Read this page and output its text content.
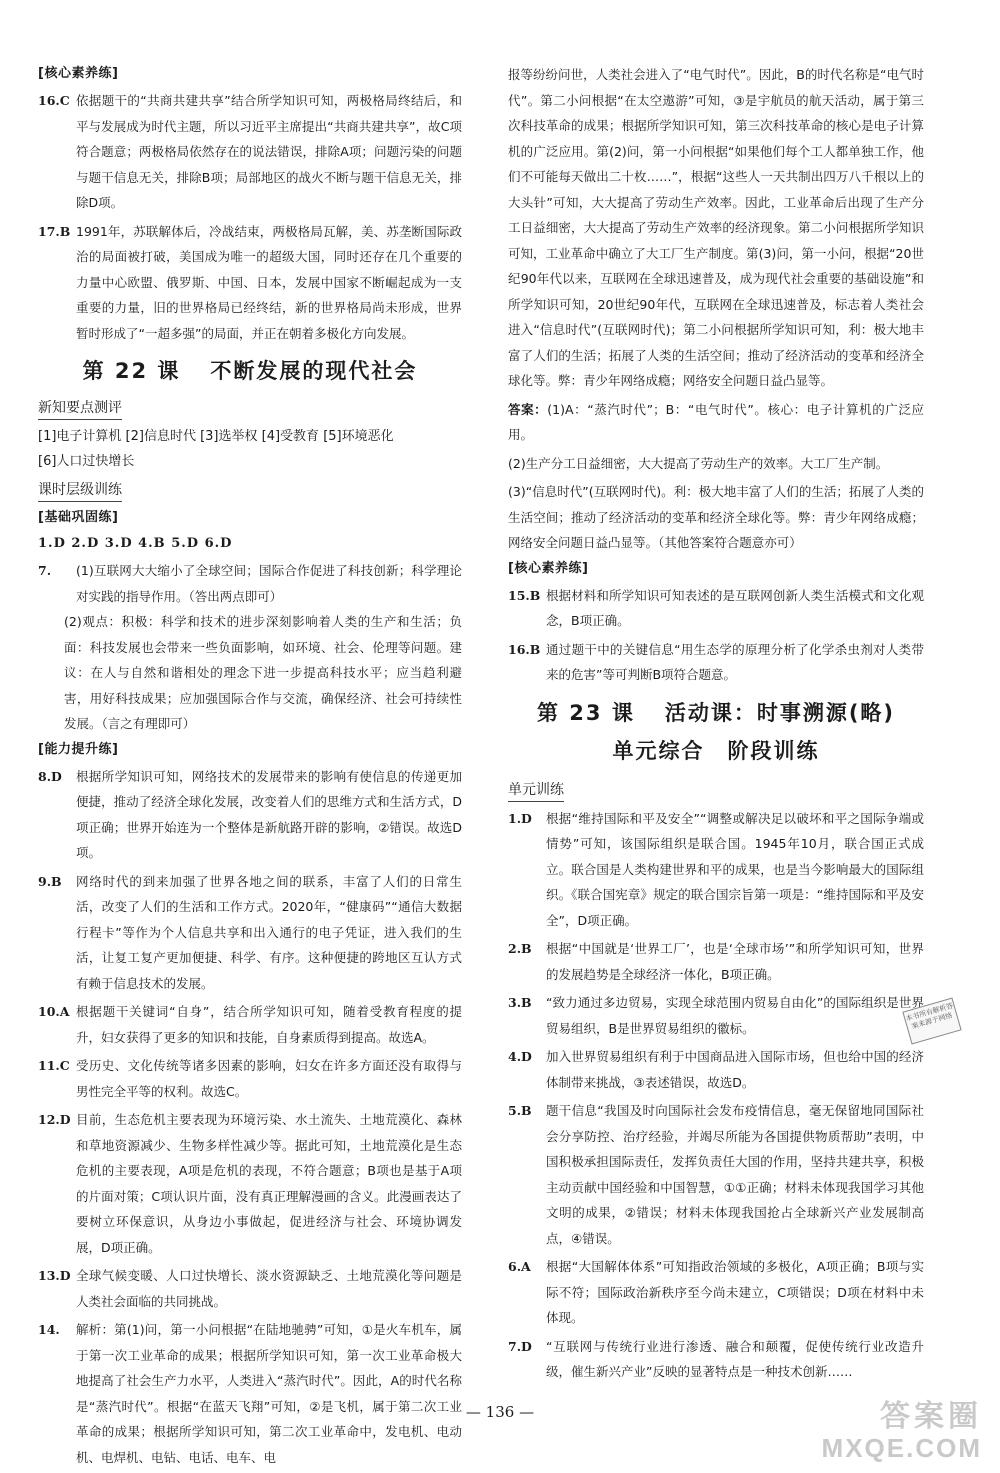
[核心素养练]
16.C 依据题干的“共商共建共享”结合所学知识可知，两极格局终结后，和平与发展成为时代主题，所以习近平主席提出“共商共建共享”，故C项符合题意；两极格局依然存在的说法错误，排除A项；问题污染的问题与题干信息无关，排除B项；局部地区的战火不断与题干信息无关，排除D项。
17.B 1991年，苏联解体后，冷战结束，两极格局瓦解，美、苏垄断国际政治的局面被打破，美国成为唯一的超级大国，同时还存在几个重要的力量中心欧盟、俄罗斯、中国、日本，发展中国家不断崛起成为一支重要的力量，旧的世界格局已经终结，新的世界格局尚未形成，世界暂时形成了“一超多强”的局面，并正在朝着多极化方向发展。
第 22 课 不断发展的现代社会
新知要点测评

[1]电子计算机 [2]信息时代 [3]选举权 [4]受教育 [5]环境恶化

[6]人口过快增长

课时层级训练
[基础巩固练]

1.D 2.D 3.D 4.B 5.D 6.D

7.	(1)互联网大大缩小了全球空间；国际合作促进了科技创新；科学理论对实践的指导作用。（答出两点即可）

(2)观点：积极：科学和技术的进步深刻影响着人类的生产和生活；负面：科技发展也会带来一些负面影响，如环境、社会、伦理等问题。建议：在人与自然和谐相处的理念下进一步提高科技水平；应当趋利避害，用好科技成果；应加强国际合作与交流，确保经济、社会可持续性发展。（言之有理即可）

[能力提升练]
8.D	根据所学知识可知，网络技术的发展带来的影响有使信息的传递更加便捷，推动了经济全球化发展，改变着人们的思维方式和生活方式，D项正确；世界开始连为一个整体是新航路开辟的影响，②错误。故选D项。
9.B	网络时代的到来加强了世界各地之间的联系，丰富了人们的日常生活，改变了人们的生活和工作方式。2020年，“健康码”“通信大数据行程卡”等作为个人信息共享和出入通行的电子凭证，进入我们的生活，让复工复产更加便捷、科学、有序。这种便捷的跨地区互认方式有赖于信息技术的发展。
10.A 根据题干关键词“自身”，结合所学知识可知，随着受教育程度的提升，妇女获得了更多的知识和技能，自身素质得到提高。故选A。
11.C 受历史、文化传统等诸多因素的影响，妇女在许多方面还没有取得与男性完全平等的权利。故选C。
12.D 目前，生态危机主要表现为环境污染、水土流失、土地荒漠化、森林和草地资源减少、生物多样性减少等。据此可知，土地荒漠化是生态危机的主要表现，A项是危机的表现，不符合题意；B项也是基于A项的片面对策；C项认识片面，没有真正理解漫画的含义。此漫画表达了要树立环保意识，从身边小事做起，促进经济与社会、环境协调发展，D项正确。
13.D 全球气候变暖、人口过快增长、淡水资源缺乏、土地荒漠化等问题是人类社会面临的共同挑战。
14.	解析：第(1)问，第一小问根据“在陆地驰骋”可知，①是火车机车，属于第一次工业革命的成果；根据所学知识可知，第一次工业革命极大地提高了社会生产力水平，人类进入“蒸汽时代”。因此，A的时代名称是“蒸汽时代”。根据“在蓝天飞翔”可知，②是飞机，属于第二次工业革命的成果；根据所学知识可知，第二次工业革命中，发电机、电动机、电焊机、电钻、电话、电车、电

报等纷纷问世，人类社会进入了“电气时代”。因此，B的时代名称是“电气时代”。第二小问根据“在太空遨游”可知，③是宇航员的航天活动，属于第三次科技革命的成果；根据所学知识可知，第三次科技革命的核心是电子计算机的广泛应用。第(2)问，第一小问根据“如果他们每个工人都单独工作，他们不可能每天做出二十枚……”，根据“这些人一天共制出四万八千根以上的大头针”可知，大大提高了劳动生产效率。因此，工业革命后出现了生产分工日益细密，大大提高了劳动生产效率的经济现象。第二小问根据所学知识可知，工业革命中确立了大工厂生产制度。第(3)问，第一小问，根据“20世纪90年代以来，互联网在全球迅速普及，成为现代社会重要的基础设施”和所学知识可知，20世纪90年代，互联网在全球迅速普及，标志着人类社会进入“信息时代”(互联网时代)；第二小问根据所学知识可知，利：极大地丰富了人们的生活；拓展了人类的生活空间；推动了经济活动的变革和经济全球化等。弊：青少年网络成瘾；网络安全问题日益凸显等。

答案：(1)A：“蒸汽时代”；B：“电气时代”。核心：电子计算机的广泛应用。

(2)生产分工日益细密，大大提高了劳动生产的效率。大工厂生产制。

(3)“信息时代”(互联网时代)。利：极大地丰富了人们的生活；拓展了人类的生活空间；推动了经济活动的变革和经济全球化等。弊：青少年网络成瘾；网络安全问题日益凸显等。（其他答案符合题意亦可）

[核心素养练]
15.B 根据材料和所学知识可知表述的是互联网创新人类生活模式和文化观念，B项正确。
16.B 通过题干中的关键信息“用生态学的原理分析了化学杀虫剂对人类带来的危害”等可判断B项符合题意。
第 23 课 活动课：时事溯源(略)
单元综合　阶段训练
单元训练
1.D	根据“维持国际和平及安全”“调整或解决足以破坏和平之国际争端或情势”可知，该国际组织是联合国。1945年10月，联合国正式成立。联合国是人类构建世界和平的成果，也是当今影响最大的国际组织。《联合国宪章》规定的联合国宗旨第一项是：“维持国际和平及安全”，D项正确。
2.B	根据“中国就是‘世界工厂’，也是‘全球市场’”和所学知识可知，世界的发展趋势是全球经济一体化，B项正确。
3.B	“致力通过多边贸易，实现全球范围内贸易自由化”的国际组织是世界贸易组织，B是世界贸易组织的徽标。
4.D	加入世界贸易组织有利于中国商品进入国际市场，但也给中国的经济体制带来挑战，③表述错误，故选D。
5.B	题干信息“我国及时向国际社会发布疫情信息，毫无保留地同国际社会分享防控、治疗经验，并竭尽所能为各国提供物质帮助”表明，中国积极承担国际责任，发挥负责任大国的作用，坚持共建共享，积极主动贡献中国经验和中国智慧，①①正确；材料未体现我国学习其他文明的成果，②错误；材料未体现我国抢占全球新兴产业发展制高点，④错误。
6.A	根据“大国解体体系”可知指政治领域的多极化，A项正确；B项与实际不符；国际政治新秩序至今尚未建立，C项错误；D项在材料中未体现。
7.D	“互联网与传统行业进行渗透、融合和颠覆，促使传统行业改造升级，催生新兴产业”反映的显著特点是一种技术创新……
本书所有解析答案来源于网络
— 136 —	答案圈
MXQE.COM
